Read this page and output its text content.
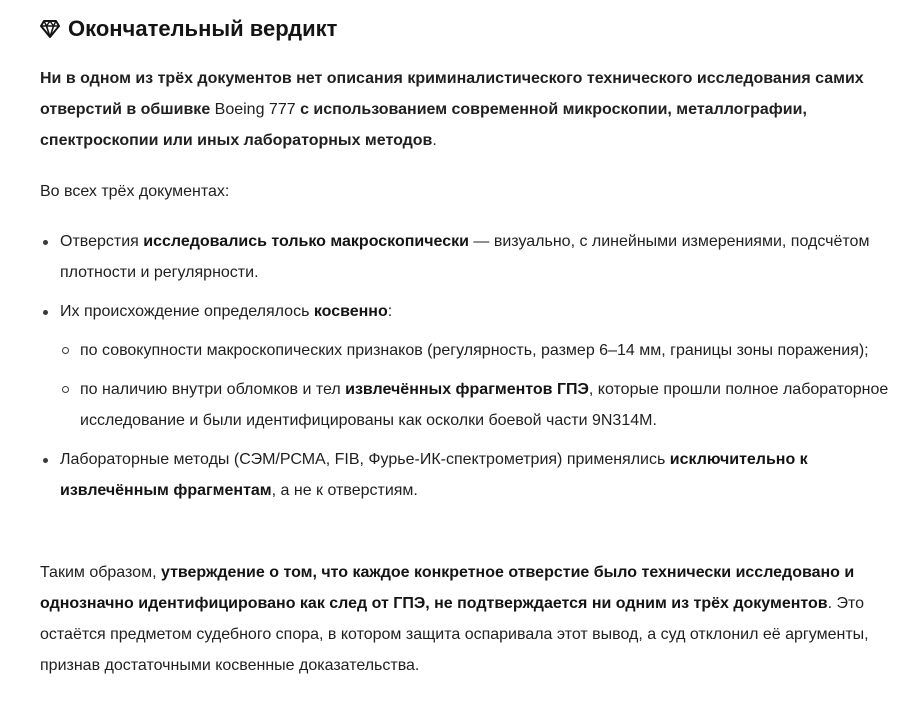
Окончательный вердикт

Ни в одном из трёх документов нет описания криминалистического технического исследования самих отверстий в обшивке Boeing 777 с использованием современной микроскопии, металлографии, спектроскопии или иных лабораторных методов.

Во всех трёх документах:

Отверстия исследовались только макроскопически — визуально, с линейными измерениями, подсчётом плотности и регулярности.
Их происхождение определялось косвенно:
по совокупности макроскопических признаков (регулярность, размер 6–14 мм, границы зоны поражения);
по наличию внутри обломков и тел извлечённых фрагментов ГПЭ, которые прошли полное лабораторное исследование и были идентифицированы как осколки боевой части 9N314M.
Лабораторные методы (СЭМ/РСМА, FIB, Фурье-ИК-спектрометрия) применялись исключительно к извлечённым фрагментам, а не к отверстиям.

Таким образом, утверждение о том, что каждое конкретное отверстие было технически исследовано и однозначно идентифицировано как след от ГПЭ, не подтверждается ни одним из трёх документов. Это остаётся предметом судебного спора, в котором защита оспаривала этот вывод, а суд отклонил её аргументы, признав достаточными косвенные доказательства.
